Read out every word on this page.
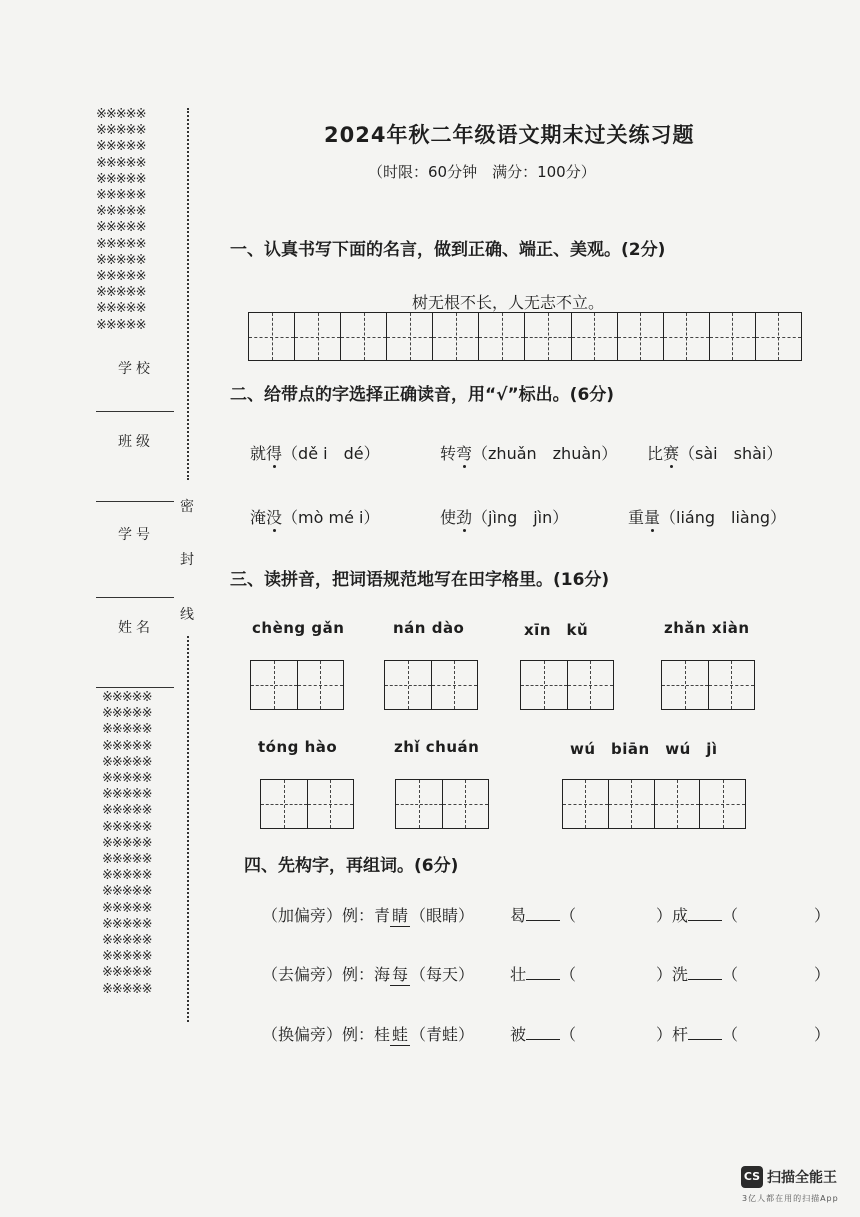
※※※※※
※※※※※
※※※※※
※※※※※
※※※※※
※※※※※
※※※※※
※※※※※
※※※※※
※※※※※
※※※※※
※※※※※
※※※※※
※※※※※
学校
班级
学号
姓名
※※※※※
※※※※※
※※※※※
※※※※※
※※※※※
※※※※※
※※※※※
※※※※※
※※※※※
※※※※※
※※※※※
※※※※※
※※※※※
※※※※※
※※※※※
※※※※※
※※※※※
※※※※※
※※※※※
密
封
线
2024年秋二年级语文期末过关练习题
（时限：60分钟　满分：100分）
一、认真书写下面的名言，做到正确、端正、美观。(2分)
树无根不长，人无志不立。
二、给带点的字选择正确读音，用“√”标出。(6分)
就得（dě i　dé）	转弯（zhuǎn　zhuàn） 比赛（sài　shài）
淹没（mò mé i）	使劲（jìng　jìn）	重量（liáng　liàng）
三、读拼音，把词语规范地写在田字格里。(16分)
chèng gǎn	nán dào	xīn　kǔ	zhǎn xiàn
tóng hào	zhǐ chuán	wú　biān　wú　jì
四、先构字，再组词。(6分)
（加偏旁）例：青 睛 （眼睛） 曷 （	）成 （	）
（去偏旁）例：海 每 （每天） 壮 （	）洗 （	）
（换偏旁）例：桂 蛙 （青蛙） 被 （	）杆 （	）
CS 扫描全能王
3亿人都在用的扫描App
